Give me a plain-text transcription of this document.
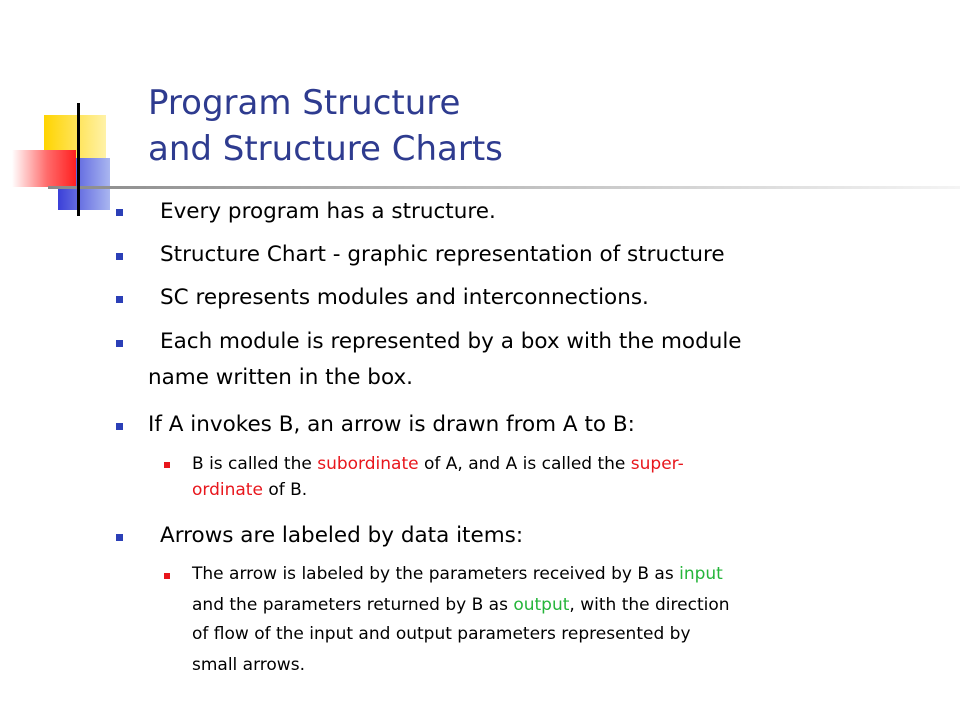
Program Structure
and Structure Charts
Every program has a structure.
Structure Chart - graphic representation of structure
SC represents modules and interconnections.
Each module is represented by a box with the module
name written in the box.
If A invokes B, an arrow is drawn from A to B:
B is called the subordinate of A, and A is called the super-
ordinate of B.
Arrows are labeled by data items:
The arrow is labeled by the parameters received by B as input
and the parameters returned by B as output, with the direction
of flow of the input and output parameters represented by
small arrows.
